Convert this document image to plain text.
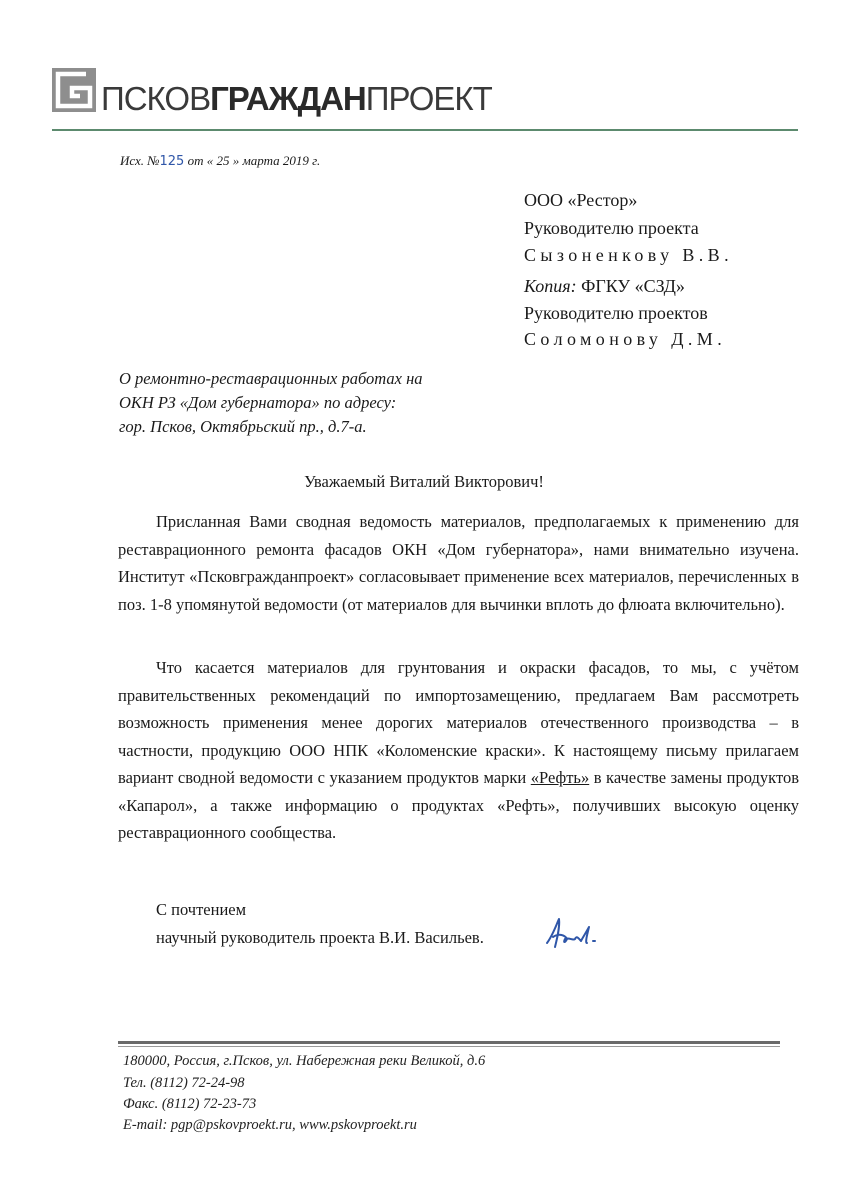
ПСКОВГРАЖДАНПРОЕКТ
Исх. №125 от « 25 » марта 2019 г.
ООО «Рестор»
Руководителю проекта
Сызоненкову В.В.
Копия: ФГКУ «СЗД»
Руководителю проектов
Соломонову Д.М.
О ремонтно-реставрационных работах на
ОКН РЗ «Дом губернатора» по адресу:
гор. Псков, Октябрьский пр., д.7-а.
Уважаемый Виталий Викторович!

Присланная Вами сводная ведомость материалов, предполагаемых к применению для реставрационного ремонта фасадов ОКН «Дом губернатора», нами внимательно изучена. Институт «Псковгражданпроект» согласовывает применение всех материалов, перечисленных в поз. 1-8 упомянутой ведомости (от материалов для вычинки вплоть до флюата включительно).

Что касается материалов для грунтования и окраски фасадов, то мы, с учётом правительственных рекомендаций по импортозамещению, предлагаем Вам рассмотреть возможность применения менее дорогих материалов отечественного производства – в частности, продукцию ООО НПК «Коломенские краски». К настоящему письму прилагаем вариант сводной ведомости с указанием продуктов марки «Рефть» в качестве замены продуктов «Капарол», а также информацию о продуктах «Рефть», получивших высокую оценку реставрационного сообщества.

С почтением
научный руководитель проекта В.И. Васильев.
180000, Россия, г.Псков, ул. Набережная реки Великой, д.6
Тел. (8112) 72-24-98
Факс. (8112) 72-23-73
E-mail: pgp@pskovproekt.ru, www.pskovproekt.ru
